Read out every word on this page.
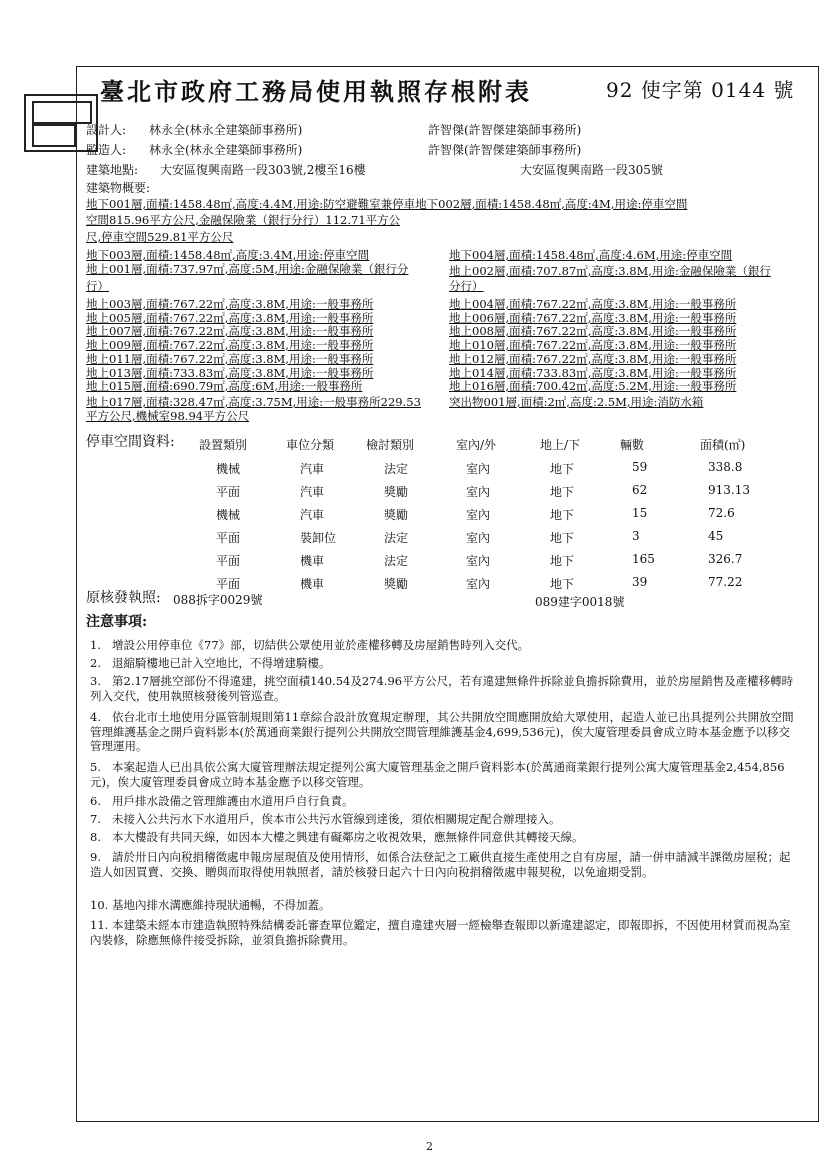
臺北市政府工務局使用執照存根附表	92 使字第 0144 號
設計人: 林永全(林永全建築師事務所)	許智傑(許智傑建築師事務所)
監造人: 林永全(林永全建築師事務所)	許智傑(許智傑建築師事務所)
建築地點: 大安區復興南路一段303號,2樓至16樓	大安區復興南路一段305號
建築物概要:
地下001層,面積:1458.48㎡,高度:4.4M,用途:防空避難室兼停車地下002層,面積:1458.48㎡,高度:4M,用途:停車空間
空間815.96平方公尺,金融保險業（銀行分行）112.71平方公
尺,停車空間529.81平方公尺
地下003層,面積:1458.48㎡,高度:3.4M,用途:停車空間
地上001層,面積:737.97㎡,高度:5M,用途:金融保險業（銀行分
行）
地上003層,面積:767.22㎡,高度:3.8M,用途:一般事務所
地上005層,面積:767.22㎡,高度:3.8M,用途:一般事務所
地上007層,面積:767.22㎡,高度:3.8M,用途:一般事務所
地上009層,面積:767.22㎡,高度:3.8M,用途:一般事務所
地上011層,面積:767.22㎡,高度:3.8M,用途:一般事務所
地上013層,面積:733.83㎡,高度:3.8M,用途:一般事務所
地上015層,面積:690.79㎡,高度:6M,用途:一般事務所
地上017層,面積:328.47㎡,高度:3.75M,用途:一般事務所229.53
平方公尺,機械室98.94平方公尺
地下004層,面積:1458.48㎡,高度:4.6M,用途:停車空間
地上002層,面積:707.87㎡,高度:3.8M,用途:金融保險業（銀行
分行）
地上004層,面積:767.22㎡,高度:3.8M,用途:一般事務所
地上006層,面積:767.22㎡,高度:3.8M,用途:一般事務所
地上008層,面積:767.22㎡,高度:3.8M,用途:一般事務所
地上010層,面積:767.22㎡,高度:3.8M,用途:一般事務所
地上012層,面積:767.22㎡,高度:3.8M,用途:一般事務所
地上014層,面積:733.83㎡,高度:3.8M,用途:一般事務所
地上016層,面積:700.42㎡,高度:5.2M,用途:一般事務所
突出物001層,面積:2㎡,高度:2.5M,用途:消防水箱
停車空間資料: 設置類別	車位分類	檢討類別	室內/外	地上/下	輛數	面積(㎡)
機械	汽車	法定	室內	地下	59	338.8
平面	汽車	獎勵	室內	地下	62	913.13
機械	汽車	獎勵	室內	地下	15	72.6
平面	裝卸位	法定	室內	地下	3	45
平面	機車	法定	室內	地下	165	326.7
平面	機車	獎勵	室內	地下	39	77.22
原核發執照: 088拆字0029號	089建字0018號
注意事項:
1. 增設公用停車位《77》部，切結供公眾使用並於產權移轉及房屋銷售時列入交代。
2. 退縮騎樓地已計入空地比，不得增建騎樓。
3. 第2.17層挑空部份不得違建，挑空面積140.54及274.96平方公尺，若有違建無條件拆除並負擔拆除費用，並於房屋銷售及產權移轉時列入交代，使用執照核發後列管巡查。
4. 依台北市土地使用分區管制規則第11章綜合設計放寬規定辦理，其公共開放空間應開放給大眾使用，起造人並已出具提列公共開放空間管理維護基金之開戶資料影本(於萬通商業銀行提列公共開放空間管理維護基金4,699,536元)，俟大廈管理委員會成立時本基金應予以移交管理運用。
5. 本案起造人已出具依公寓大廈管理辦法規定提列公寓大廈管理基金之開戶資料影本(於萬通商業銀行提列公寓大廈管理基金2,454,856元)，俟大廈管理委員會成立時本基金應予以移交管理。
6. 用戶排水設備之管理維護由水道用戶自行負責。
7. 未接入公共污水下水道用戶，俟本市公共污水管線到達後，須依相關規定配合辦理接入。
8. 本大樓設有共同天線，如因本大樓之興建有礙鄰房之收視效果，應無條件同意供其轉接天線。
9. 請於卅日內向稅捐稽徵處申報房屋現值及使用情形，如係合法登記之工廠供直接生產使用之自有房屋，請一併申請減半課徵房屋稅；起造人如因買賣、交換、贈與而取得使用執照者，請於核發日起六十日內向稅捐稽徵處申報契稅，以免逾期受罰。
10. 基地內排水溝應維持現狀通暢，不得加蓋。
11. 本建築未經本市建造執照特殊結構委託審查單位鑑定，擅自違建夾層一經檢舉查報即以新違建認定，即報即拆，不因使用材質而視為室內裝修，除應無條件接受拆除，並須負擔拆除費用。
2
